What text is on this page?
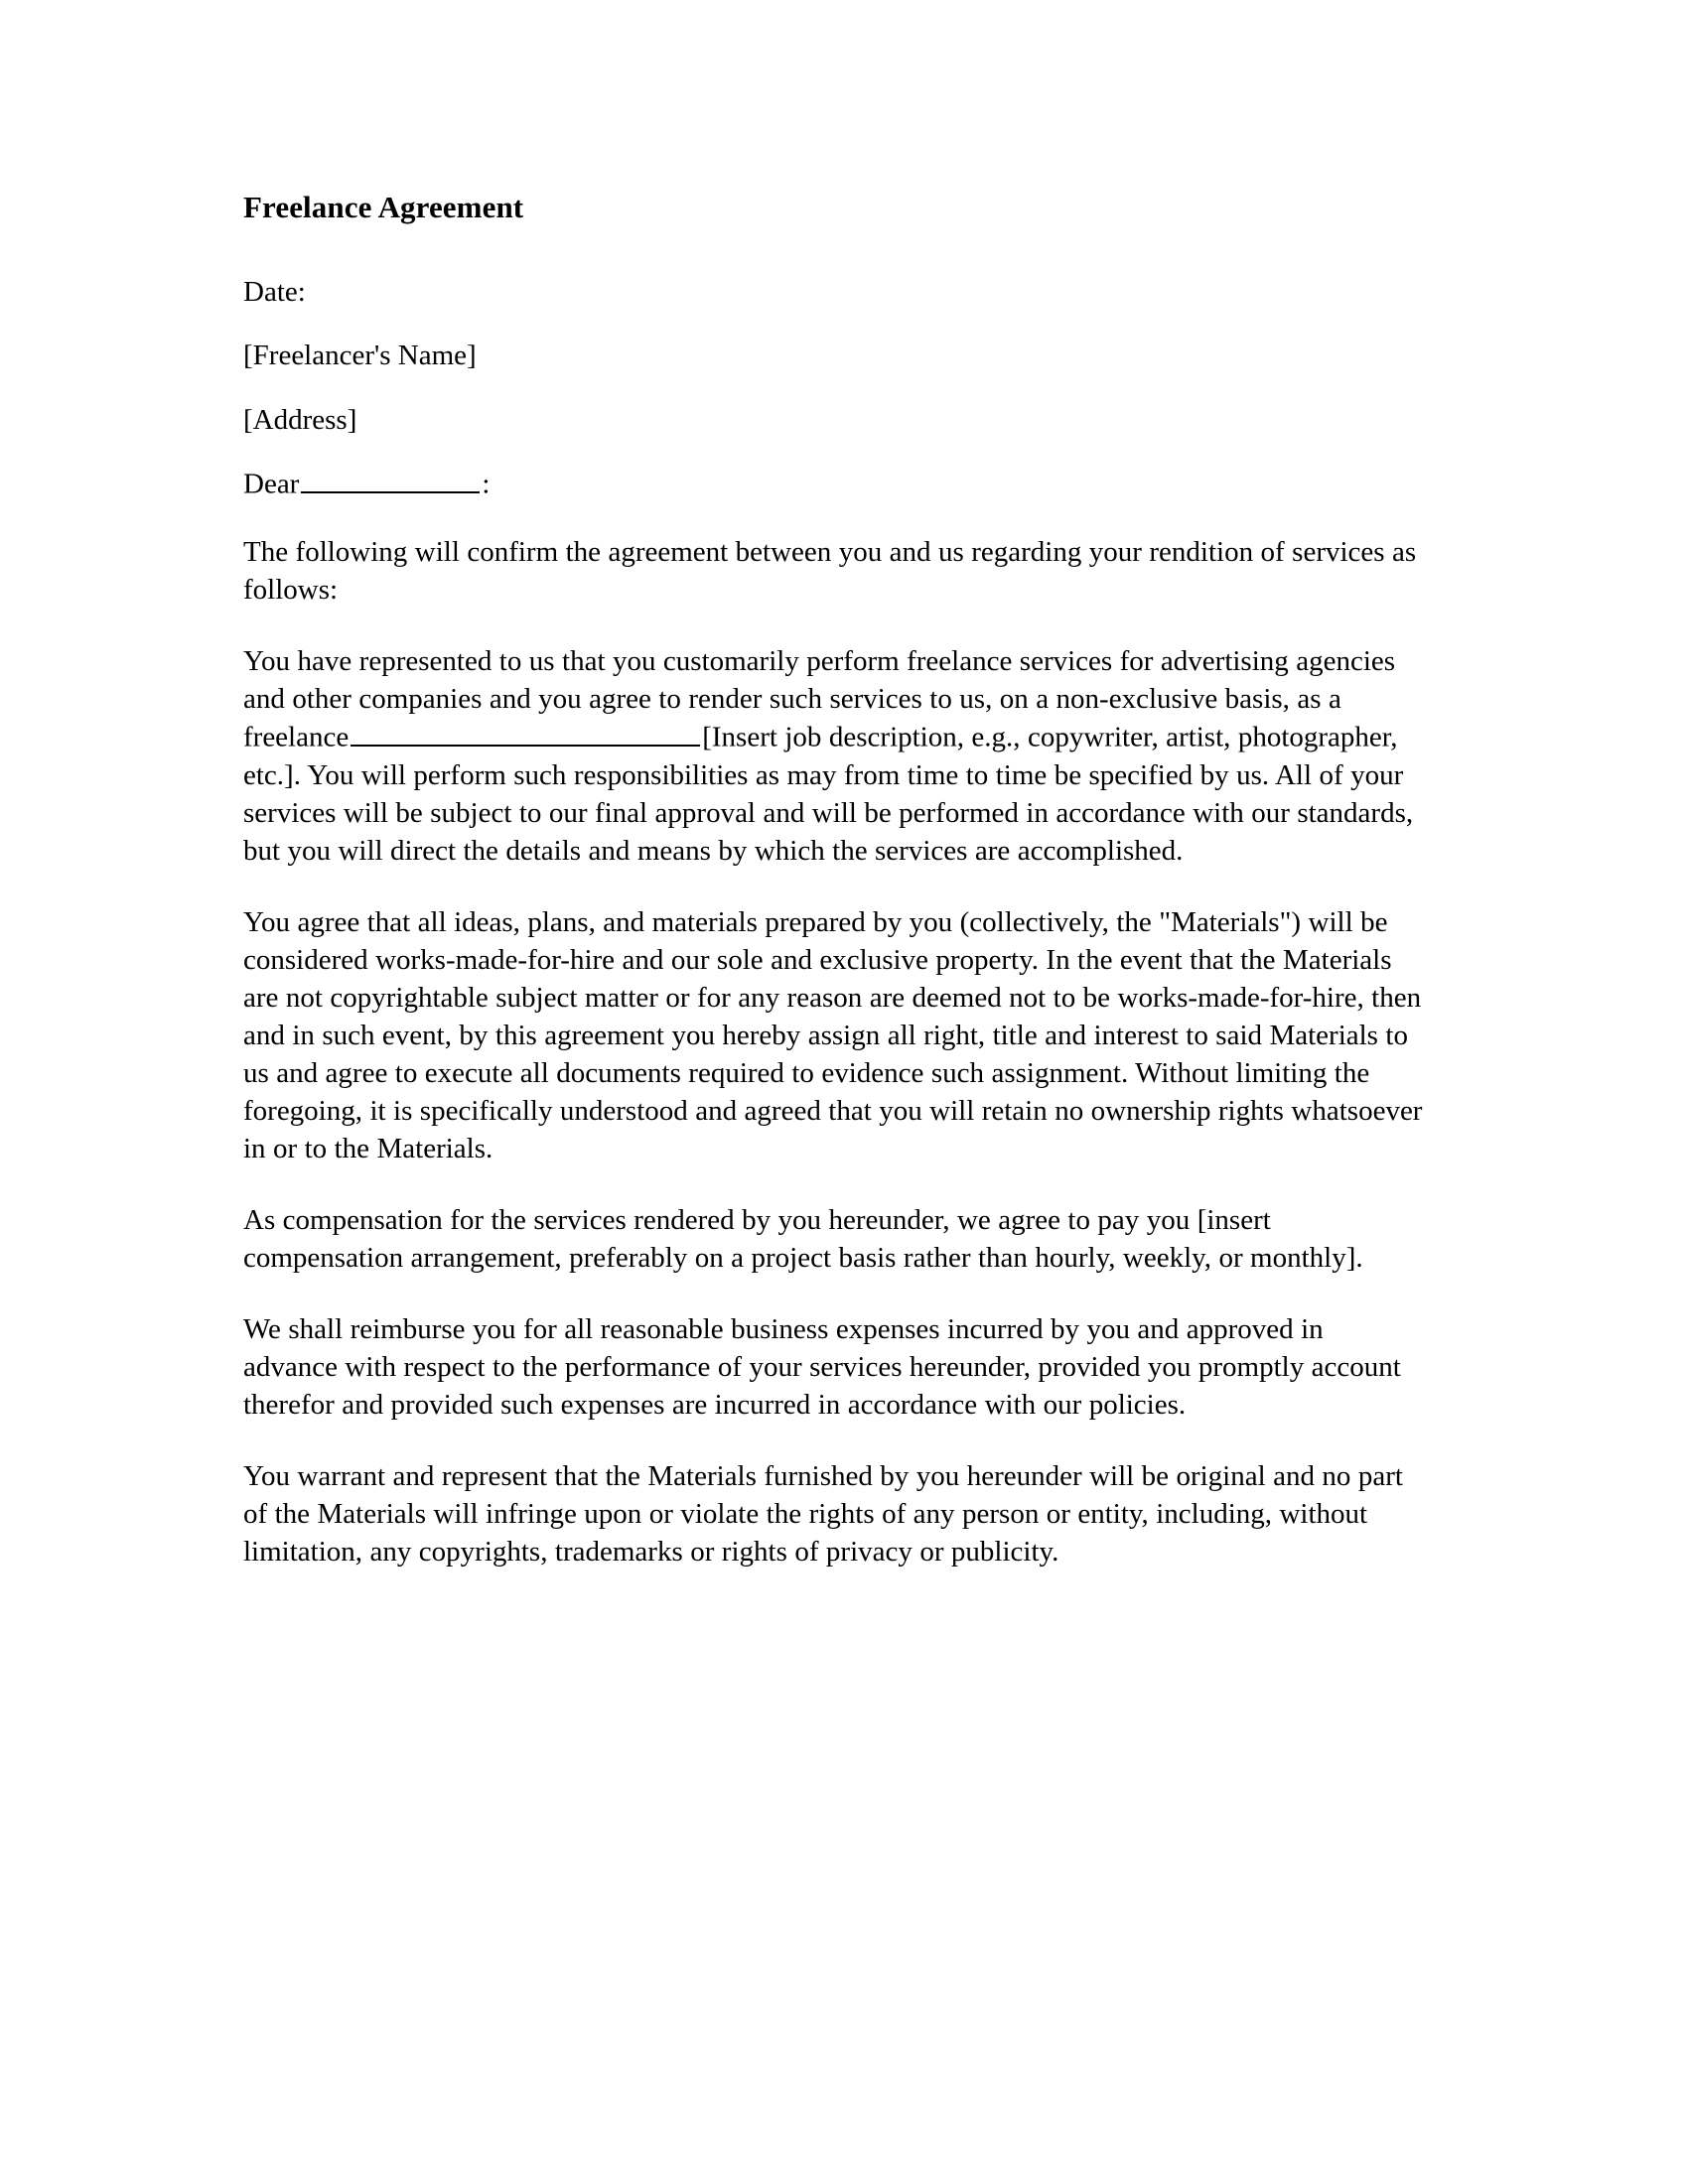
Freelance Agreement

Date:

[Freelancer's Name]

[Address]

Dear	:

The following will confirm the agreement between you and us regarding your rendition of services as follows:

You have represented to us that you customarily perform freelance services for advertising agencies and other companies and you agree to render such services to us, on a non-exclusive basis, as a freelance	[Insert job description, e.g., copywriter, artist, photographer, etc.]. You will perform such responsibilities as may from time to time be specified by us. All of your services will be subject to our final approval and will be performed in accordance with our standards, but you will direct the details and means by which the services are accomplished.

You agree that all ideas, plans, and materials prepared by you (collectively, the "Materials") will be considered works-made-for-hire and our sole and exclusive property. In the event that the Materials are not copyrightable subject matter or for any reason are deemed not to be works-made-for-hire, then and in such event, by this agreement you hereby assign all right, title and interest to said Materials to us and agree to execute all documents required to evidence such assignment. Without limiting the foregoing, it is specifically understood and agreed that you will retain no ownership rights whatsoever in or to the Materials.

As compensation for the services rendered by you hereunder, we agree to pay you [insert compensation arrangement, preferably on a project basis rather than hourly, weekly, or monthly].

We shall reimburse you for all reasonable business expenses incurred by you and approved in advance with respect to the performance of your services hereunder, provided you promptly account therefor and provided such expenses are incurred in accordance with our policies.

You warrant and represent that the Materials furnished by you hereunder will be original and no part of the Materials will infringe upon or violate the rights of any person or entity, including, without limitation, any copyrights, trademarks or rights of privacy or publicity.
